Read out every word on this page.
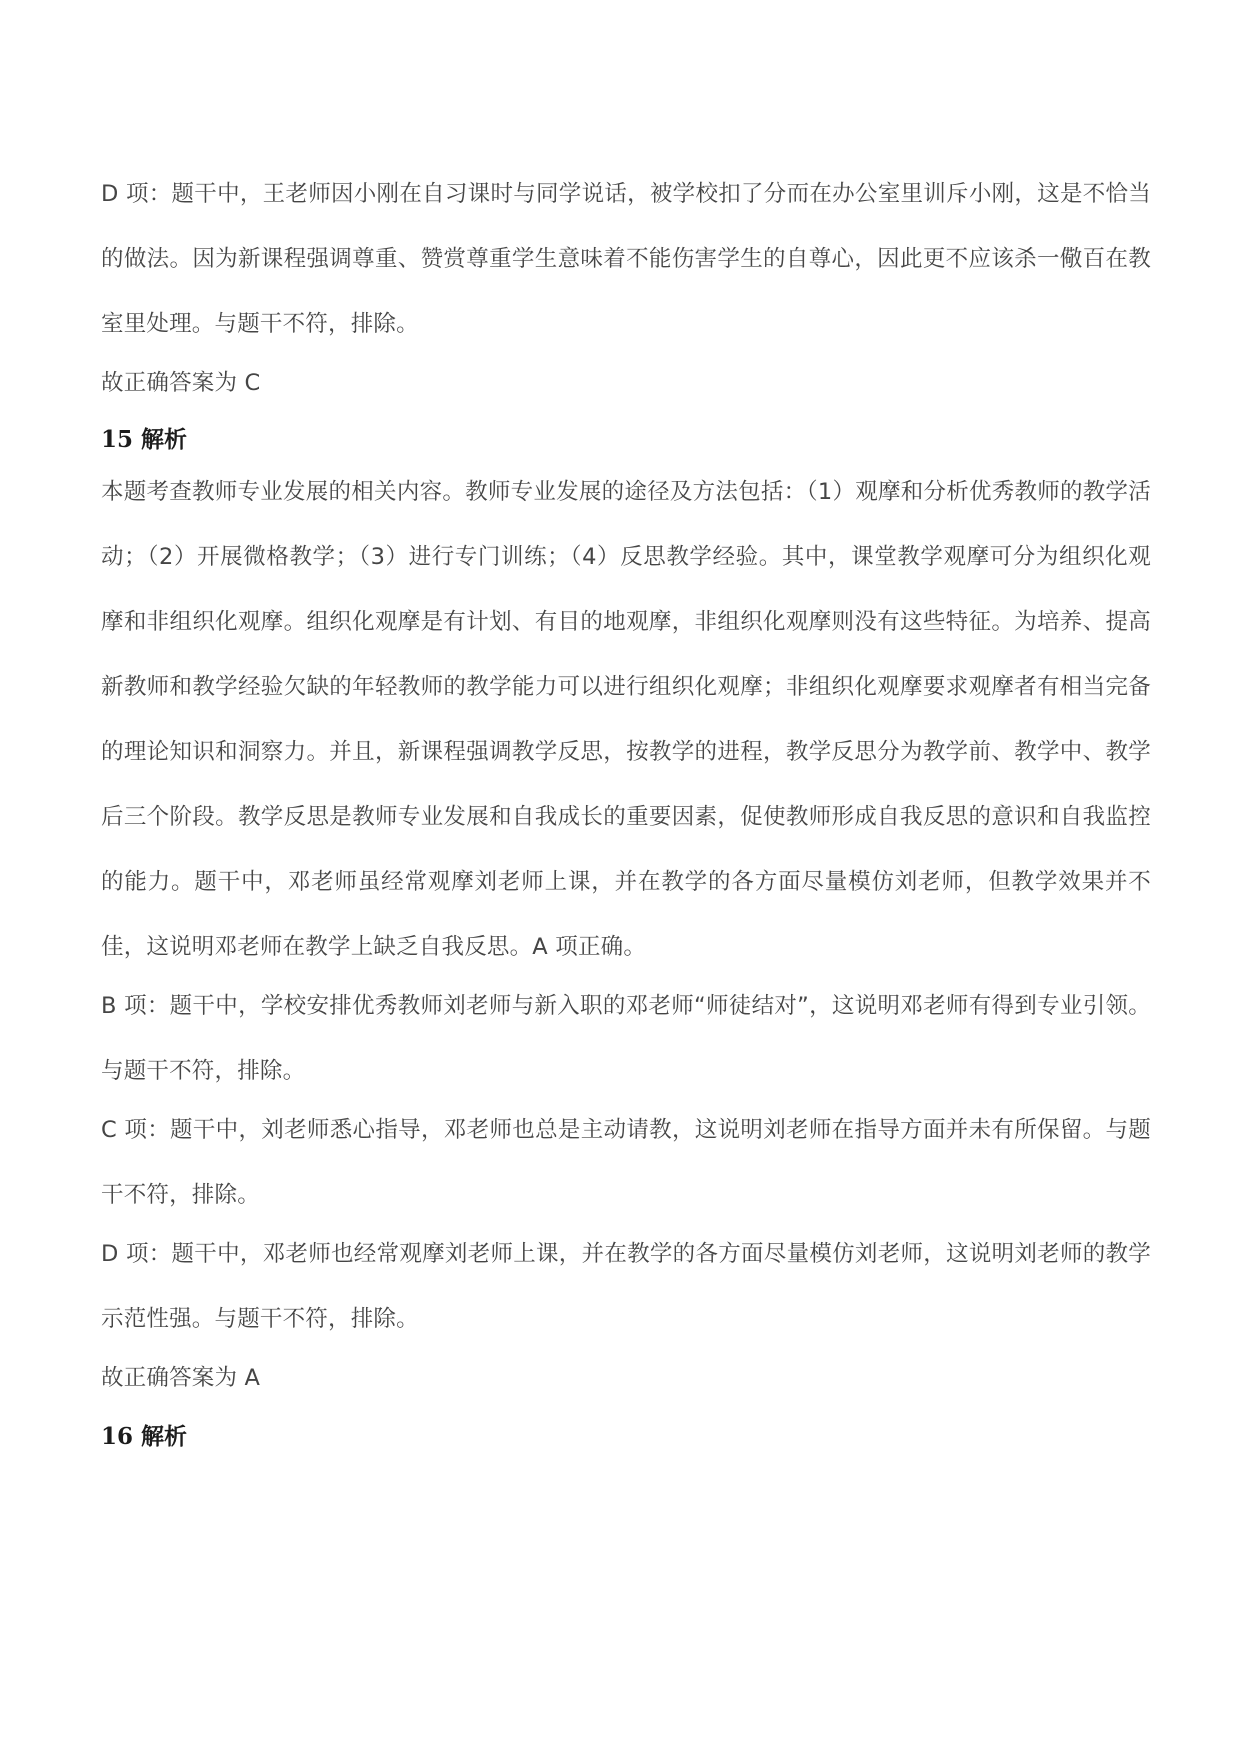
D 项：题干中，王老师因小刚在自习课时与同学说话，被学校扣了分而在办公室里训斥小刚，这是不恰当的做法。因为新课程强调尊重、赞赏尊重学生意味着不能伤害学生的自尊心，因此更不应该杀一儆百在教室里处理。与题干不符，排除。

故正确答案为 C

15 解析

本题考查教师专业发展的相关内容。教师专业发展的途径及方法包括：（1）观摩和分析优秀教师的教学活动；（2）开展微格教学；（3）进行专门训练；（4）反思教学经验。其中，课堂教学观摩可分为组织化观摩和非组织化观摩。组织化观摩是有计划、有目的地观摩，非组织化观摩则没有这些特征。为培养、提高新教师和教学经验欠缺的年轻教师的教学能力可以进行组织化观摩；非组织化观摩要求观摩者有相当完备的理论知识和洞察力。并且，新课程强调教学反思，按教学的进程，教学反思分为教学前、教学中、教学后三个阶段。教学反思是教师专业发展和自我成长的重要因素，促使教师形成自我反思的意识和自我监控的能力。题干中，邓老师虽经常观摩刘老师上课，并在教学的各方面尽量模仿刘老师，但教学效果并不佳，这说明邓老师在教学上缺乏自我反思。A 项正确。

B 项：题干中，学校安排优秀教师刘老师与新入职的邓老师“师徒结对”，这说明邓老师有得到专业引领。与题干不符，排除。

C 项：题干中，刘老师悉心指导，邓老师也总是主动请教，这说明刘老师在指导方面并未有所保留。与题干不符，排除。

D 项：题干中，邓老师也经常观摩刘老师上课，并在教学的各方面尽量模仿刘老师，这说明刘老师的教学示范性强。与题干不符，排除。

故正确答案为 A

16 解析
